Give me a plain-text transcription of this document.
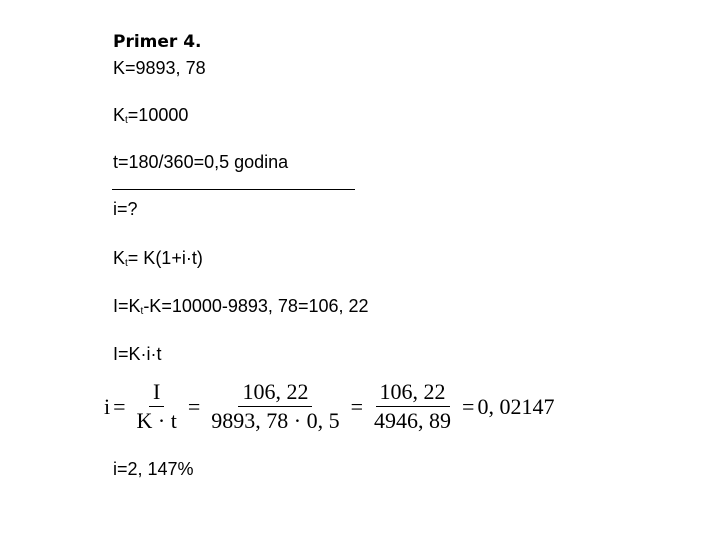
Primer 4.

K=9893, 78

$K_t=10000$

t=180/360=0,5 godina

i=?

$K_t= K(1+i\cdot t)$

$I=K_t-K=10000-9893$, 78=106, 22

I=K·i·t

$i = \frac{I}{K \cdot t} = \frac{106, 22}{9893, 78 \cdot 0, 5} = \frac{106, 22}{4946, 89} = 0$, 02147

i=2, 147%
